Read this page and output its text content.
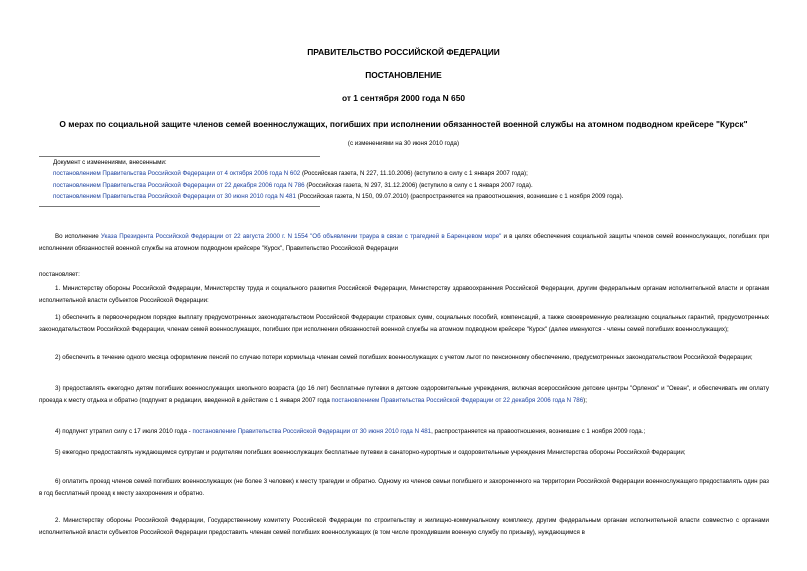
ПРАВИТЕЛЬСТВО РОССИЙСКОЙ ФЕДЕРАЦИИ
ПОСТАНОВЛЕНИЕ
от 1 сентября 2000 года N 650
О мерах по социальной защите членов семей военнослужащих, погибших при исполнении обязанностей военной службы на атомном подводном крейсере "Курск"
(с изменениями на 30 июня 2010 года)
Документ с изменениями, внесенными:
постановлением Правительства Российской Федерации от 4 октября 2006 года N 602 (Российская газета, N 227, 11.10.2006) (вступило в силу с 1 января 2007 года);
постановлением Правительства Российской Федерации от 22 декабря 2006 года N 786 (Российская газета, N 297, 31.12.2006) (вступило в силу с 1 января 2007 года).
постановлением Правительства Российской Федерации от 30 июня 2010 года N 481 (Российская газета, N 150, 09.07.2010) (распространяется на правоотношения, возникшие с 1 ноября 2009 года).
Во исполнение Указа Президента Российской Федерации от 22 августа 2000 г. N 1554 "Об объявлении траура в связи с трагедией в Баренцевом море" и в целях обеспечения социальной защиты членов семей военнослужащих, погибших при исполнении обязанностей военной службы на атомном подводном крейсере "Курск", Правительство Российской Федерации
постановляет:
1. Министерству обороны Российской Федерации, Министерству труда и социального развития Российской Федерации, Министерству здравоохранения Российской Федерации, другим федеральным органам исполнительной власти и органам исполнительной власти субъектов Российской Федерации:
1) обеспечить в первоочередном порядке выплату предусмотренных законодательством Российской Федерации страховых сумм, социальных пособий, компенсаций, а также своевременную реализацию социальных гарантий, предусмотренных законодательством Российской Федерации, членам семей военнослужащих, погибших при исполнении обязанностей военной службы на атомном подводном крейсере "Курск" (далее именуются - члены семей погибших военнослужащих);
2) обеспечить в течение одного месяца оформление пенсий по случаю потери кормильца членам семей погибших военнослужащих с учетом льгот по пенсионному обеспечению, предусмотренных законодательством Российской Федерации;
3) предоставлять ежегодно детям погибших военнослужащих школьного возраста (до 16 лет) бесплатные путевки в детские оздоровительные учреждения, включая всероссийские детские центры "Орленок" и "Океан", и обеспечивать им оплату проезда к месту отдыха и обратно (подпункт в редакции, введенной в действие с 1 января 2007 года постановлением Правительства Российской Федерации от 22 декабря 2006 года N 786);
4) подпункт утратил силу с 17 июля 2010 года - постановление Правительства Российской Федерации от 30 июня 2010 года N 481, распространяется на правоотношения, возникшие с 1 ноября 2009 года.;
5) ежегодно предоставлять нуждающимся супругам и родителям погибших военнослужащих бесплатные путевки в санаторно-курортные и оздоровительные учреждения Министерства обороны Российской Федерации;
6) оплатить проезд членов семей погибших военнослужащих (не более 3 человек) к месту трагедии и обратно. Одному из членов семьи погибшего и захороненного на территории Российской Федерации военнослужащего предоставлять один раз в год бесплатный проезд к месту захоронения и обратно.
2. Министерству обороны Российской Федерации, Государственному комитету Российской Федерации по строительству и жилищно-коммунальному комплексу, другим федеральным органам исполнительной власти совместно с органами исполнительной власти субъектов Российской Федерации предоставить членам семей погибших военнослужащих (в том числе проходившим военную службу по призыву), нуждающимся в
